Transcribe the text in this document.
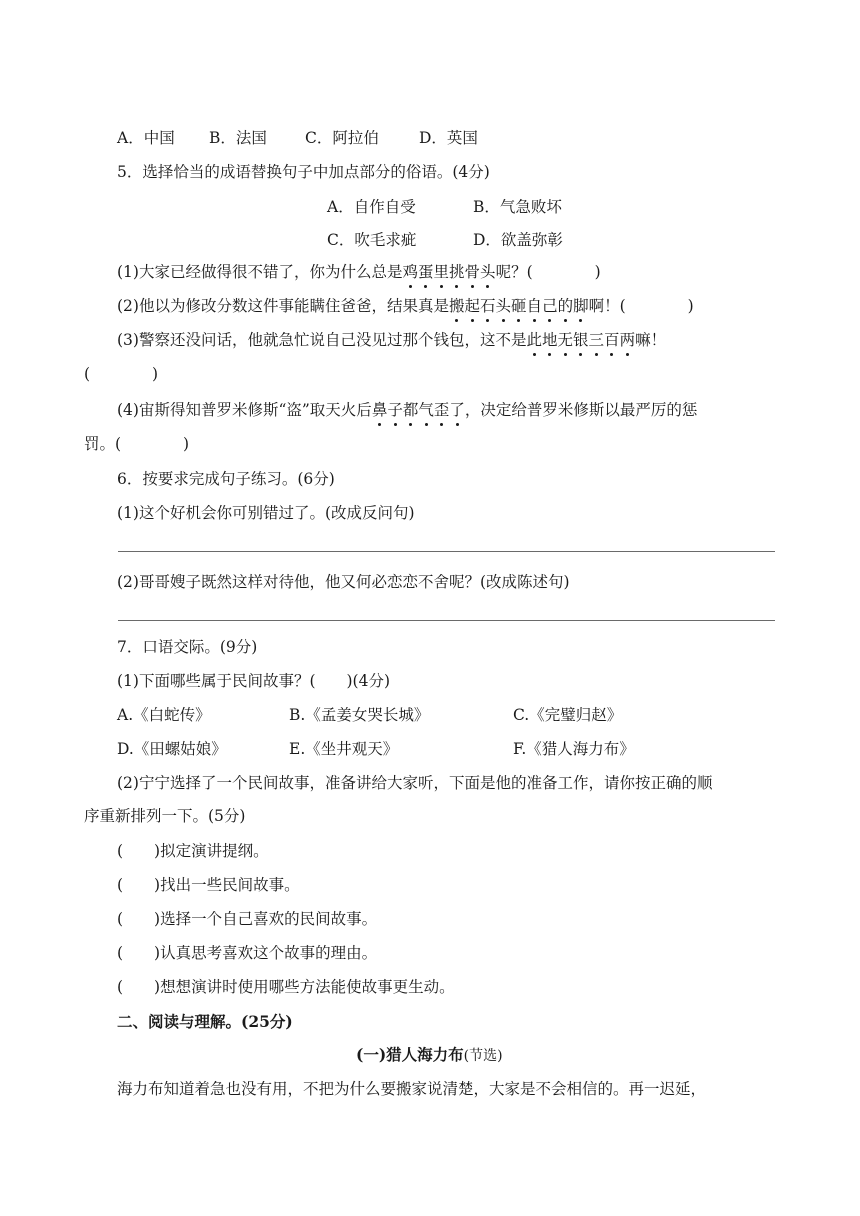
A．中国 B．法国 C．阿拉伯	D．英国
5．选择恰当的成语替换句子中加点部分的俗语。(4分)
A．自作自受	B．气急败坏
C．吹毛求疵	D．欲盖弥彰
(1)大家已经做得很不错了，你为什么总是鸡蛋里挑骨头呢？(　　　　)
(2)他以为修改分数这件事能瞒住爸爸，结果真是搬起石头砸自己的脚啊！(　　　　)
(3)警察还没问话，他就急忙说自己没见过那个钱包，这不是此地无银三百两嘛！
(　　　　)
(4)宙斯得知普罗米修斯“盗”取天火后鼻子都气歪了，决定给普罗米修斯以最严厉的惩
罚。(　　　　)
6．按要求完成句子练习。(6分)
(1)这个好机会你可别错过了。(改成反问句)
(2)哥哥嫂子既然这样对待他，他又何必恋恋不舍呢？(改成陈述句)
7．口语交际。(9分)
(1)下面哪些属于民间故事？(　　)(4分)
A.《白蛇传》	B.《孟姜女哭长城》	C.《完璧归赵》
D.《田螺姑娘》	E.《坐井观天》	F.《猎人海力布》
(2)宁宁选择了一个民间故事，准备讲给大家听，下面是他的准备工作，请你按正确的顺
序重新排列一下。(5分)
(　　)拟定演讲提纲。
(　　)找出一些民间故事。
(　　)选择一个自己喜欢的民间故事。
(　　)认真思考喜欢这个故事的理由。
(　　)想想演讲时使用哪些方法能使故事更生动。
二、阅读与理解。(25分)
(一)猎人海力布(节选)
海力布知道着急也没有用，不把为什么要搬家说清楚，大家是不会相信的。再一迟延，
